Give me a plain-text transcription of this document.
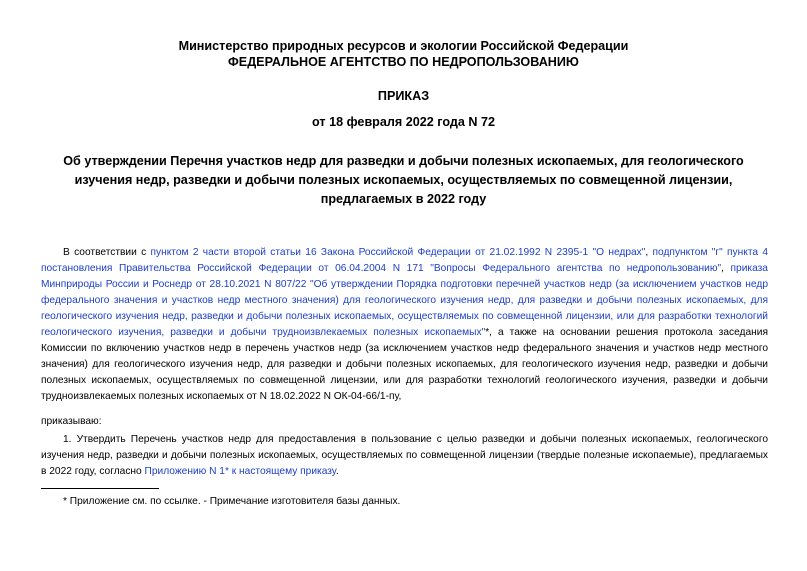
Министерство природных ресурсов и экологии Российской Федерации
ФЕДЕРАЛЬНОЕ АГЕНТСТВО ПО НЕДРОПОЛЬЗОВАНИЮ
ПРИКАЗ
от 18 февраля 2022 года N 72
Об утверждении Перечня участков недр для разведки и добычи полезных ископаемых, для геологического изучения недр, разведки и добычи полезных ископаемых, осуществляемых по совмещенной лицензии, предлагаемых в 2022 году
В соответствии с пунктом 2 части второй статьи 16 Закона Российской Федерации от 21.02.1992 N 2395-1 "О недрах", подпунктом "г" пункта 4 постановления Правительства Российской Федерации от 06.04.2004 N 171 "Вопросы Федерального агентства по недропользованию", приказа Минприроды России и Роснедр от 28.10.2021 N 807/22 "Об утверждении Порядка подготовки перечней участков недр (за исключением участков недр федерального значения и участков недр местного значения) для геологического изучения недр, для разведки и добычи полезных ископаемых, для геологического изучения недр, разведки и добычи полезных ископаемых, осуществляемых по совмещенной лицензии, или для разработки технологий геологического изучения, разведки и добычи трудноизвлекаемых полезных ископаемых"*, а также на основании решения протокола заседания Комиссии по включению участков недр в перечень участков недр (за исключением участков недр федерального значения и участков недр местного значения) для геологического изучения недр, для разведки и добычи полезных ископаемых, для геологического изучения недр, разведки и добычи полезных ископаемых, осуществляемых по совмещенной лицензии, или для разработки технологий геологического изучения, разведки и добычи трудноизвлекаемых полезных ископаемых от N 18.02.2022 N ОК-04-66/1-пу,
приказываю:
1. Утвердить Перечень участков недр для предоставления в пользование с целью разведки и добычи полезных ископаемых, геологического изучения недр, разведки и добычи полезных ископаемых, осуществляемых по совмещенной лицензии (твердые полезные ископаемые), предлагаемых в 2022 году, согласно Приложению N 1* к настоящему приказу.
* Приложение см. по ссылке. - Примечание изготовителя базы данных.
